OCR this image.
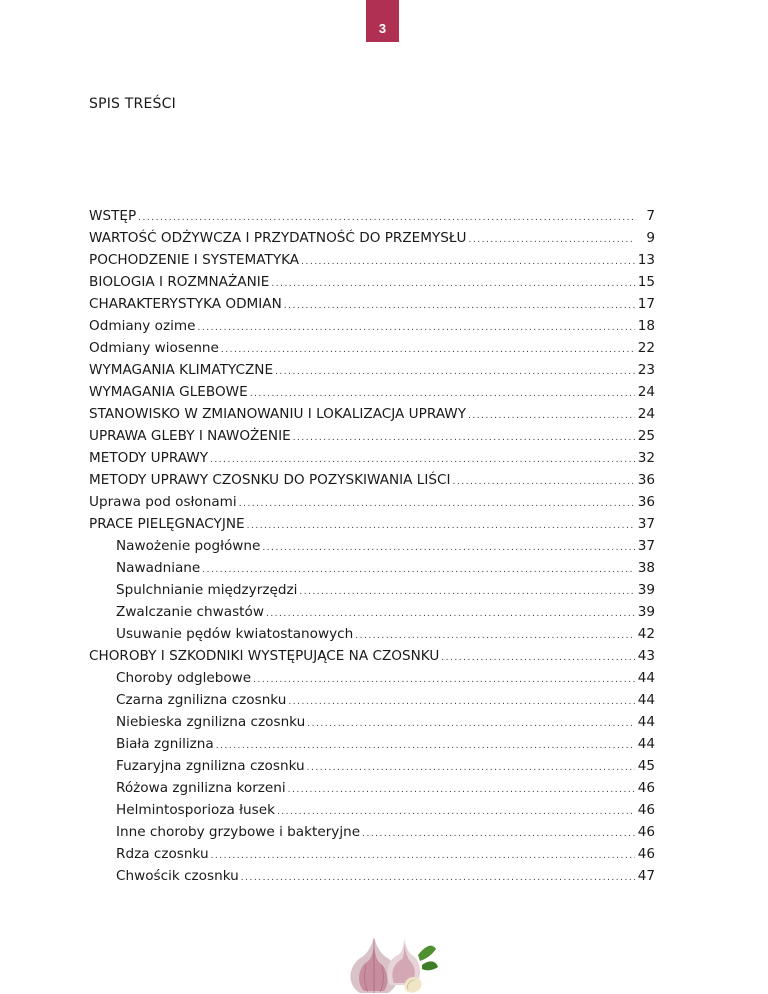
3
SPIS TREŚCI
WSTĘP .....	7
WARTOŚĆ ODŻYWCZA I PRZYDATNOŚĆ DO PRZEMYSŁU .....	9
POCHODZENIE I SYSTEMATYKA .....	13
BIOLOGIA I ROZMNAŻANIE .....	15
CHARAKTERYSTYKA ODMIAN .....	17
Odmiany ozime .....	18
Odmiany wiosenne .....	22
WYMAGANIA KLIMATYCZNE .....	23
WYMAGANIA GLEBOWE .....	24
STANOWISKO W ZMIANOWANIU I LOKALIZACJA UPRAWY .....	24
UPRAWA GLEBY I NAWOŻENIE .....	25
METODY UPRAWY .....	32
METODY UPRAWY CZOSNKU DO POZYSKIWANIA LIŚCI .....	36
Uprawa pod osłonami .....	36
PRACE PIELĘGNACYJNE .....	37
Nawożenie pogłówne .....	37
Nawadniane .....	38
Spulchnianie międzyrzędzi .....	39
Zwalczanie chwastów .....	39
Usuwanie pędów kwiatostanowych .....	42
CHOROBY I SZKODNIKI WYSTĘPUJĄCE NA CZOSNKU .....	43
Choroby odglebowe .....	44
Czarna zgnilizna czosnku .....	44
Niebieska zgnilizna czosnku .....	44
Biała zgnilizna .....	44
Fuzaryjna zgnilizna czosnku .....	45
Różowa zgnilizna korzeni .....	46
Helmintosporioza łusek .....	46
Inne choroby grzybowe i bakteryjne .....	46
Rdza czosnku .....	46
Chwościk czosnku .....	47
